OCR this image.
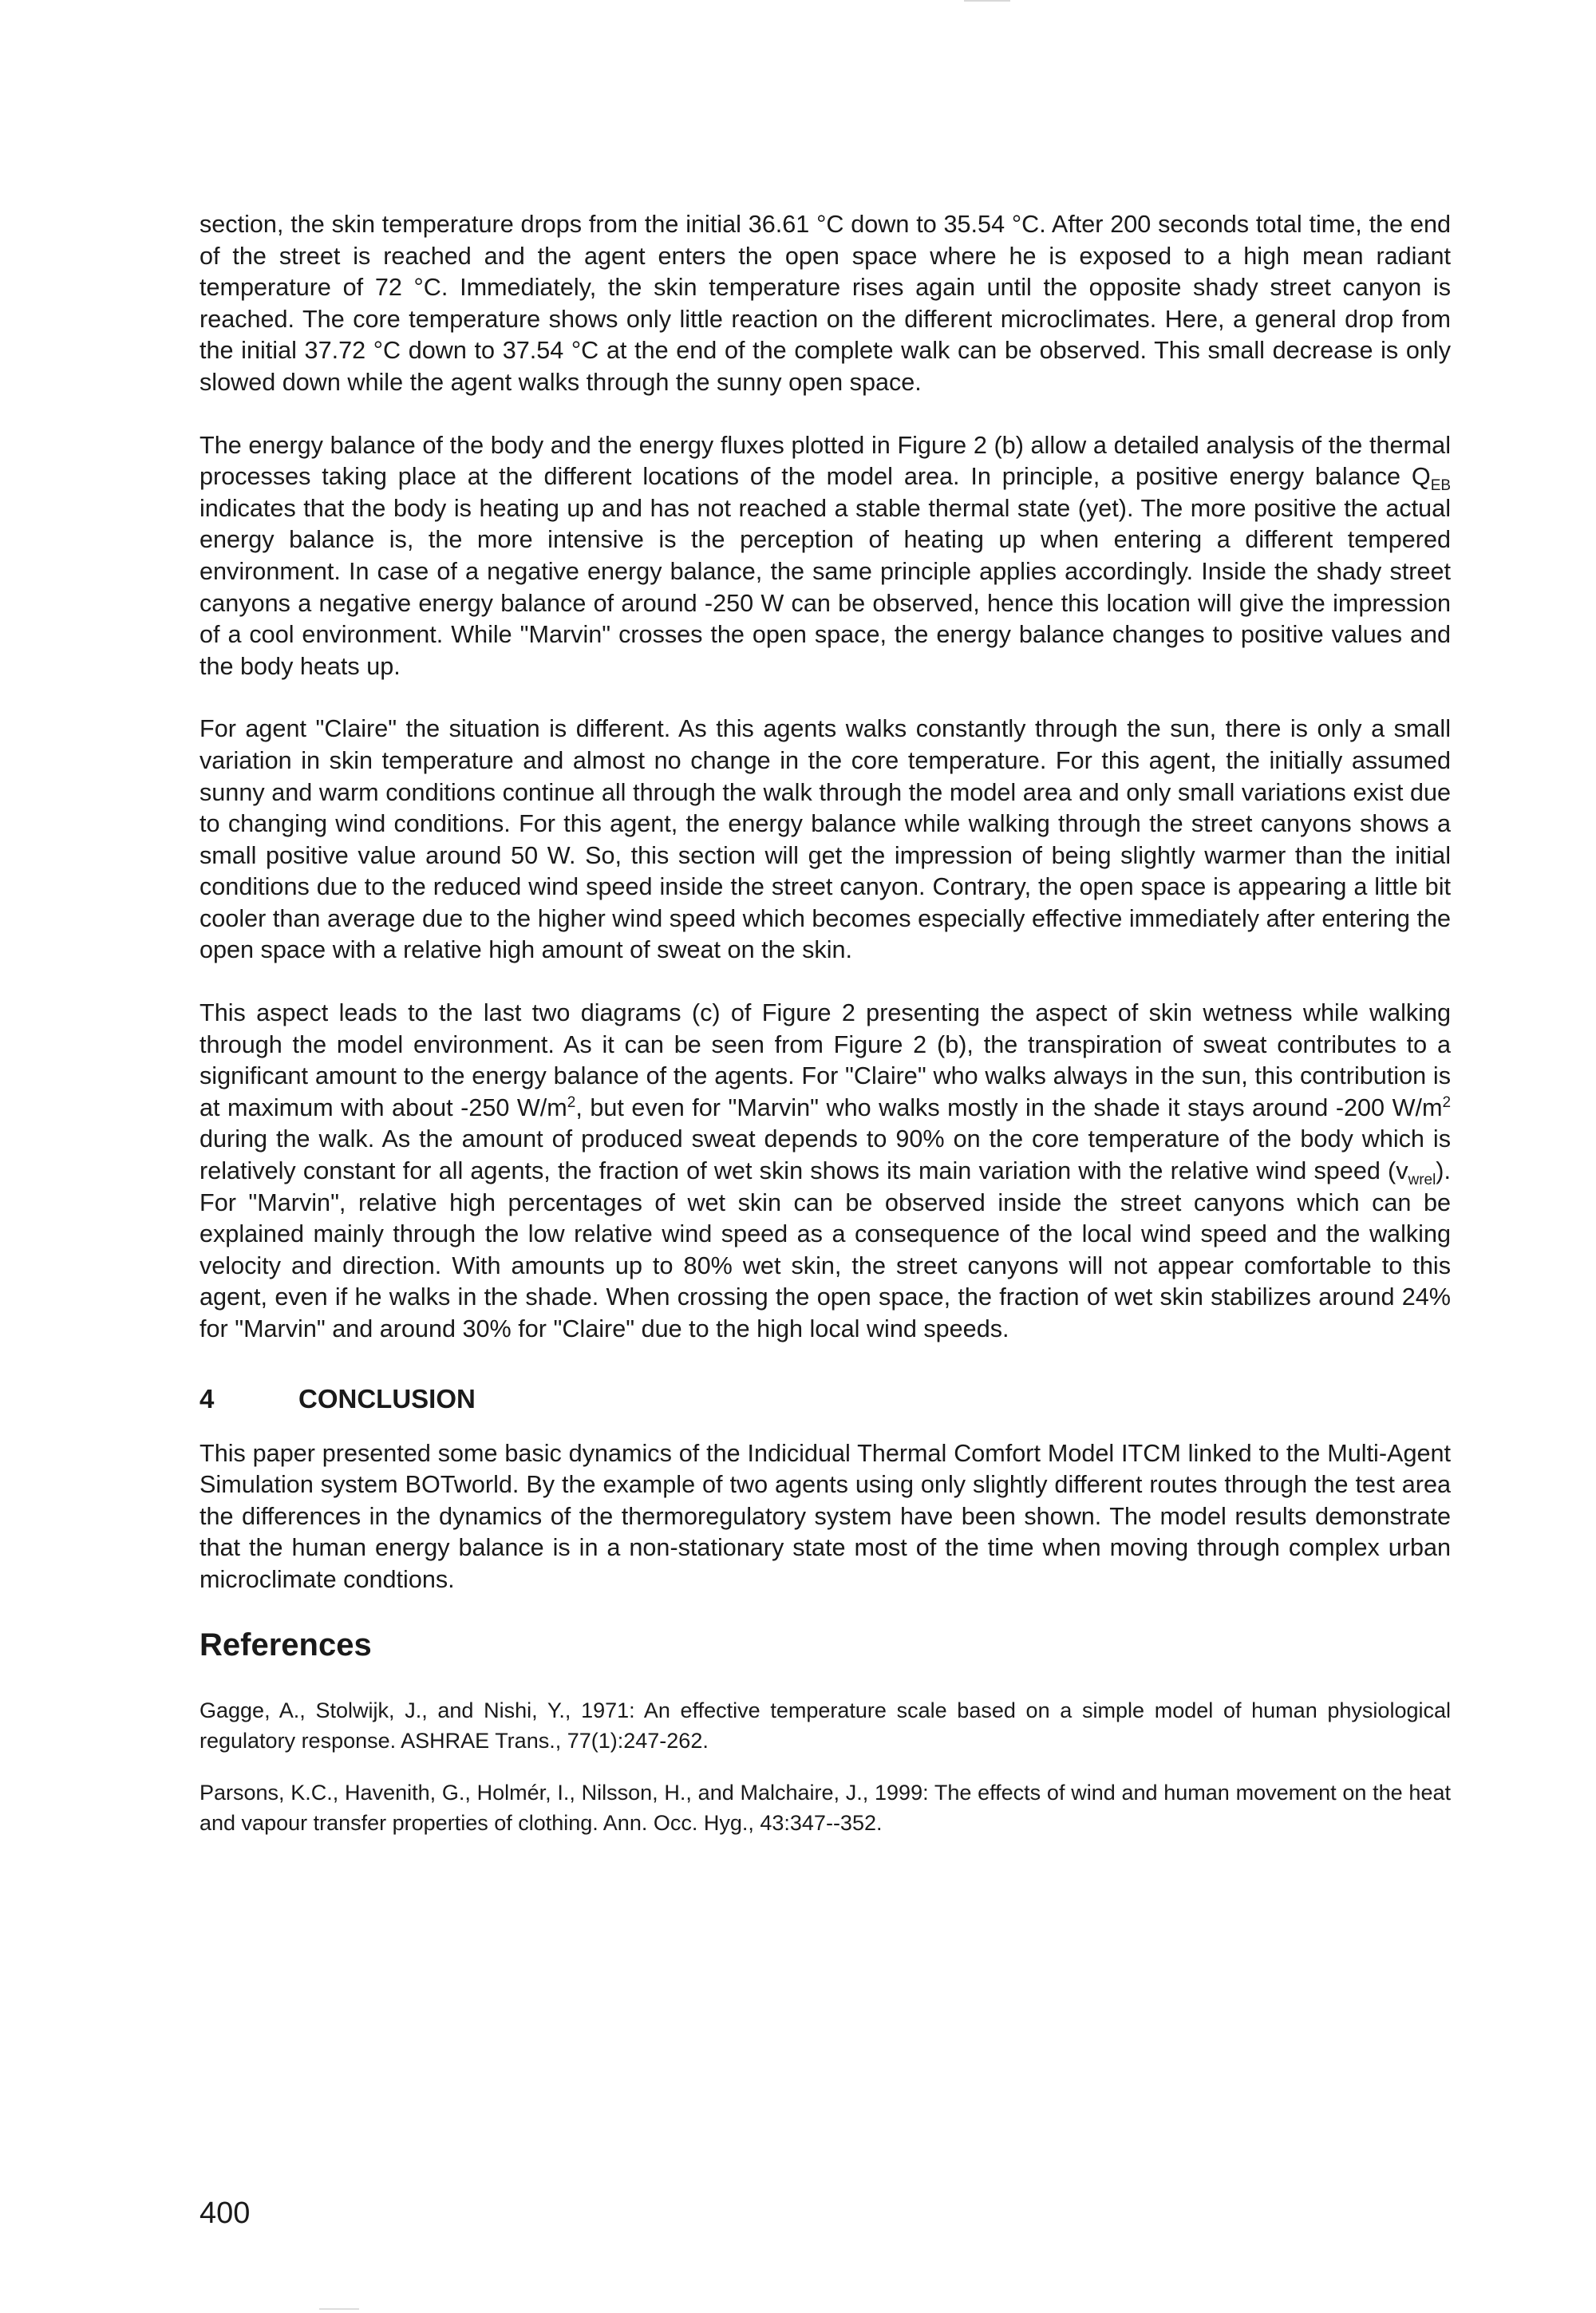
section, the skin temperature drops from the initial 36.61 °C down to 35.54 °C. After 200 seconds total time, the end of the street is reached and the agent enters the open space where he is exposed to a high mean radiant temperature of 72 °C. Immediately, the skin temperature rises again until the opposite shady street canyon is reached. The core temperature shows only little reaction on the different microclimates. Here, a general drop from the initial 37.72 °C down to 37.54 °C at the end of the complete walk can be observed. This small decrease is only slowed down while the agent walks through the sunny open space.

The energy balance of the body and the energy fluxes plotted in Figure 2 (b) allow a detailed analysis of the thermal processes taking place at the different locations of the model area. In principle, a positive energy balance $Q_{EB}$ indicates that the body is heating up and has not reached a stable thermal state (yet). The more positive the actual energy balance is, the more intensive is the perception of heating up when entering a different tempered environment. In case of a negative energy balance, the same principle applies accordingly. Inside the shady street canyons a negative energy balance of around -250 W can be observed, hence this location will give the impression of a cool environment. While "Marvin" crosses the open space, the energy balance changes to positive values and the body heats up.

For agent "Claire" the situation is different. As this agents walks constantly through the sun, there is only a small variation in skin temperature and almost no change in the core temperature. For this agent, the initially assumed sunny and warm conditions continue all through the walk through the model area and only small variations exist due to changing wind conditions. For this agent, the energy balance while walking through the street canyons shows a small positive value around 50 W. So, this section will get the impression of being slightly warmer than the initial conditions due to the reduced wind speed inside the street canyon. Contrary, the open space is appearing a little bit cooler than average due to the higher wind speed which becomes especially effective immediately after entering the open space with a relative high amount of sweat on the skin.

This aspect leads to the last two diagrams (c) of Figure 2 presenting the aspect of skin wetness while walking through the model environment. As it can be seen from Figure 2 (b), the transpiration of sweat contributes to a significant amount to the energy balance of the agents. For "Claire" who walks always in the sun, this contribution is at maximum with about -250 $W/m^2$, but even for "Marvin" who walks mostly in the shade it stays around -200 $W/m^2$ during the walk. As the amount of produced sweat depends to 90% on the core temperature of the body which is relatively constant for all agents, the fraction of wet skin shows its main variation with the relative wind speed $(v_{wrel})$. For "Marvin", relative high percentages of wet skin can be observed inside the street canyons which can be explained mainly through the low relative wind speed as a consequence of the local wind speed and the walking velocity and direction. With amounts up to 80% wet skin, the street canyons will not appear comfortable to this agent, even if he walks in the shade. When crossing the open space, the fraction of wet skin stabilizes around 24% for "Marvin" and around 30% for "Claire" due to the high local wind speeds.

4	CONCLUSION

This paper presented some basic dynamics of the Indicidual Thermal Comfort Model ITCM linked to the Multi-Agent Simulation system BOTworld. By the example of two agents using only slightly different routes through the test area the differences in the dynamics of the thermoregulatory system have been shown. The model results demonstrate that the human energy balance is in a non-stationary state most of the time when moving through complex urban microclimate condtions.

References

Gagge, A., Stolwijk, J., and Nishi, Y., 1971: An effective temperature scale based on a simple model of human physiological regulatory response. ASHRAE Trans., 77(1):247-262.

Parsons, K.C., Havenith, G., Holmér, I., Nilsson, H., and Malchaire, J., 1999: The effects of wind and human movement on the heat and vapour transfer properties of clothing. Ann. Occ. Hyg., 43:347--352.

400
